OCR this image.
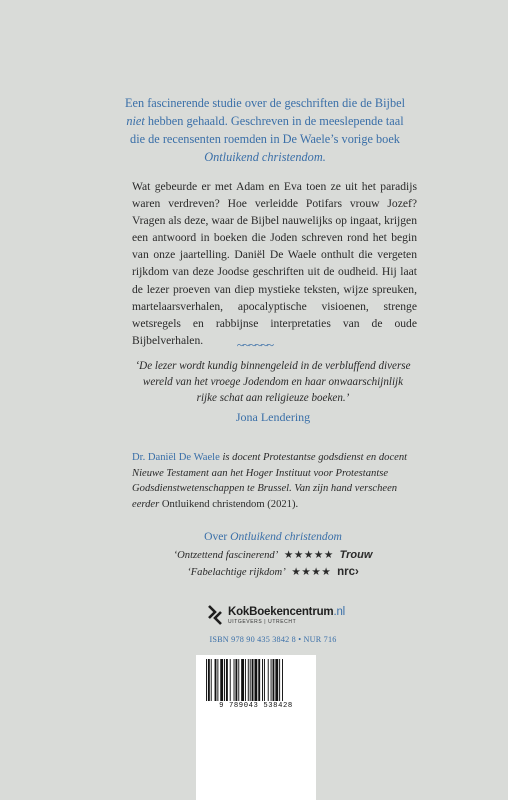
Een fascinerende studie over de geschriften die de Bijbel
niet hebben gehaald. Geschreven in de meeslepende taal
die de recensenten roemden in De Waele’s vorige boek
Ontluikend christendom.

Wat gebeurde er met Adam en Eva toen ze uit het paradijs waren verdreven? Hoe verleidde Potifars vrouw Jozef? Vragen als deze, waar de Bijbel nauwelijks op ingaat, krijgen een antwoord in boeken die Joden schreven rond het begin van onze jaartelling. Daniël De Waele onthult die vergeten rijkdom van deze Joodse geschriften uit de oudheid. Hij laat de lezer proeven van diep mystieke teksten, wijze spreuken, martelaarsverhalen, apocalyptische visioenen, strenge wetsregels en rabbijnse interpretaties van de oude Bijbelverhalen.	~~~~~~
‘De lezer wordt kundig binnengeleid in de verbluffend diverse
wereld van het vroege Jodendom en haar onwaarschijnlijk
rijke schat aan religieuze boeken.’
Jona Lendering
Dr. Daniël De Waele is docent Protestantse godsdienst en docent Nieuwe Testament aan het Hoger Instituut voor Protestantse Godsdienstwetenschappen te Brussel. Van zijn hand verscheen eerder Ontluikend christendom (2021).
Over Ontluikend christendom
‘Ontzettend fascinerend’ ★★★★★ Trouw
‘Fabelachtige rijkdom’ ★★★★ nrc›
KokBoekencentrum.nl
UITGEVERS | UTRECHT
ISBN 978 90 435 3842 8 • NUR 716
9 789043 538428
